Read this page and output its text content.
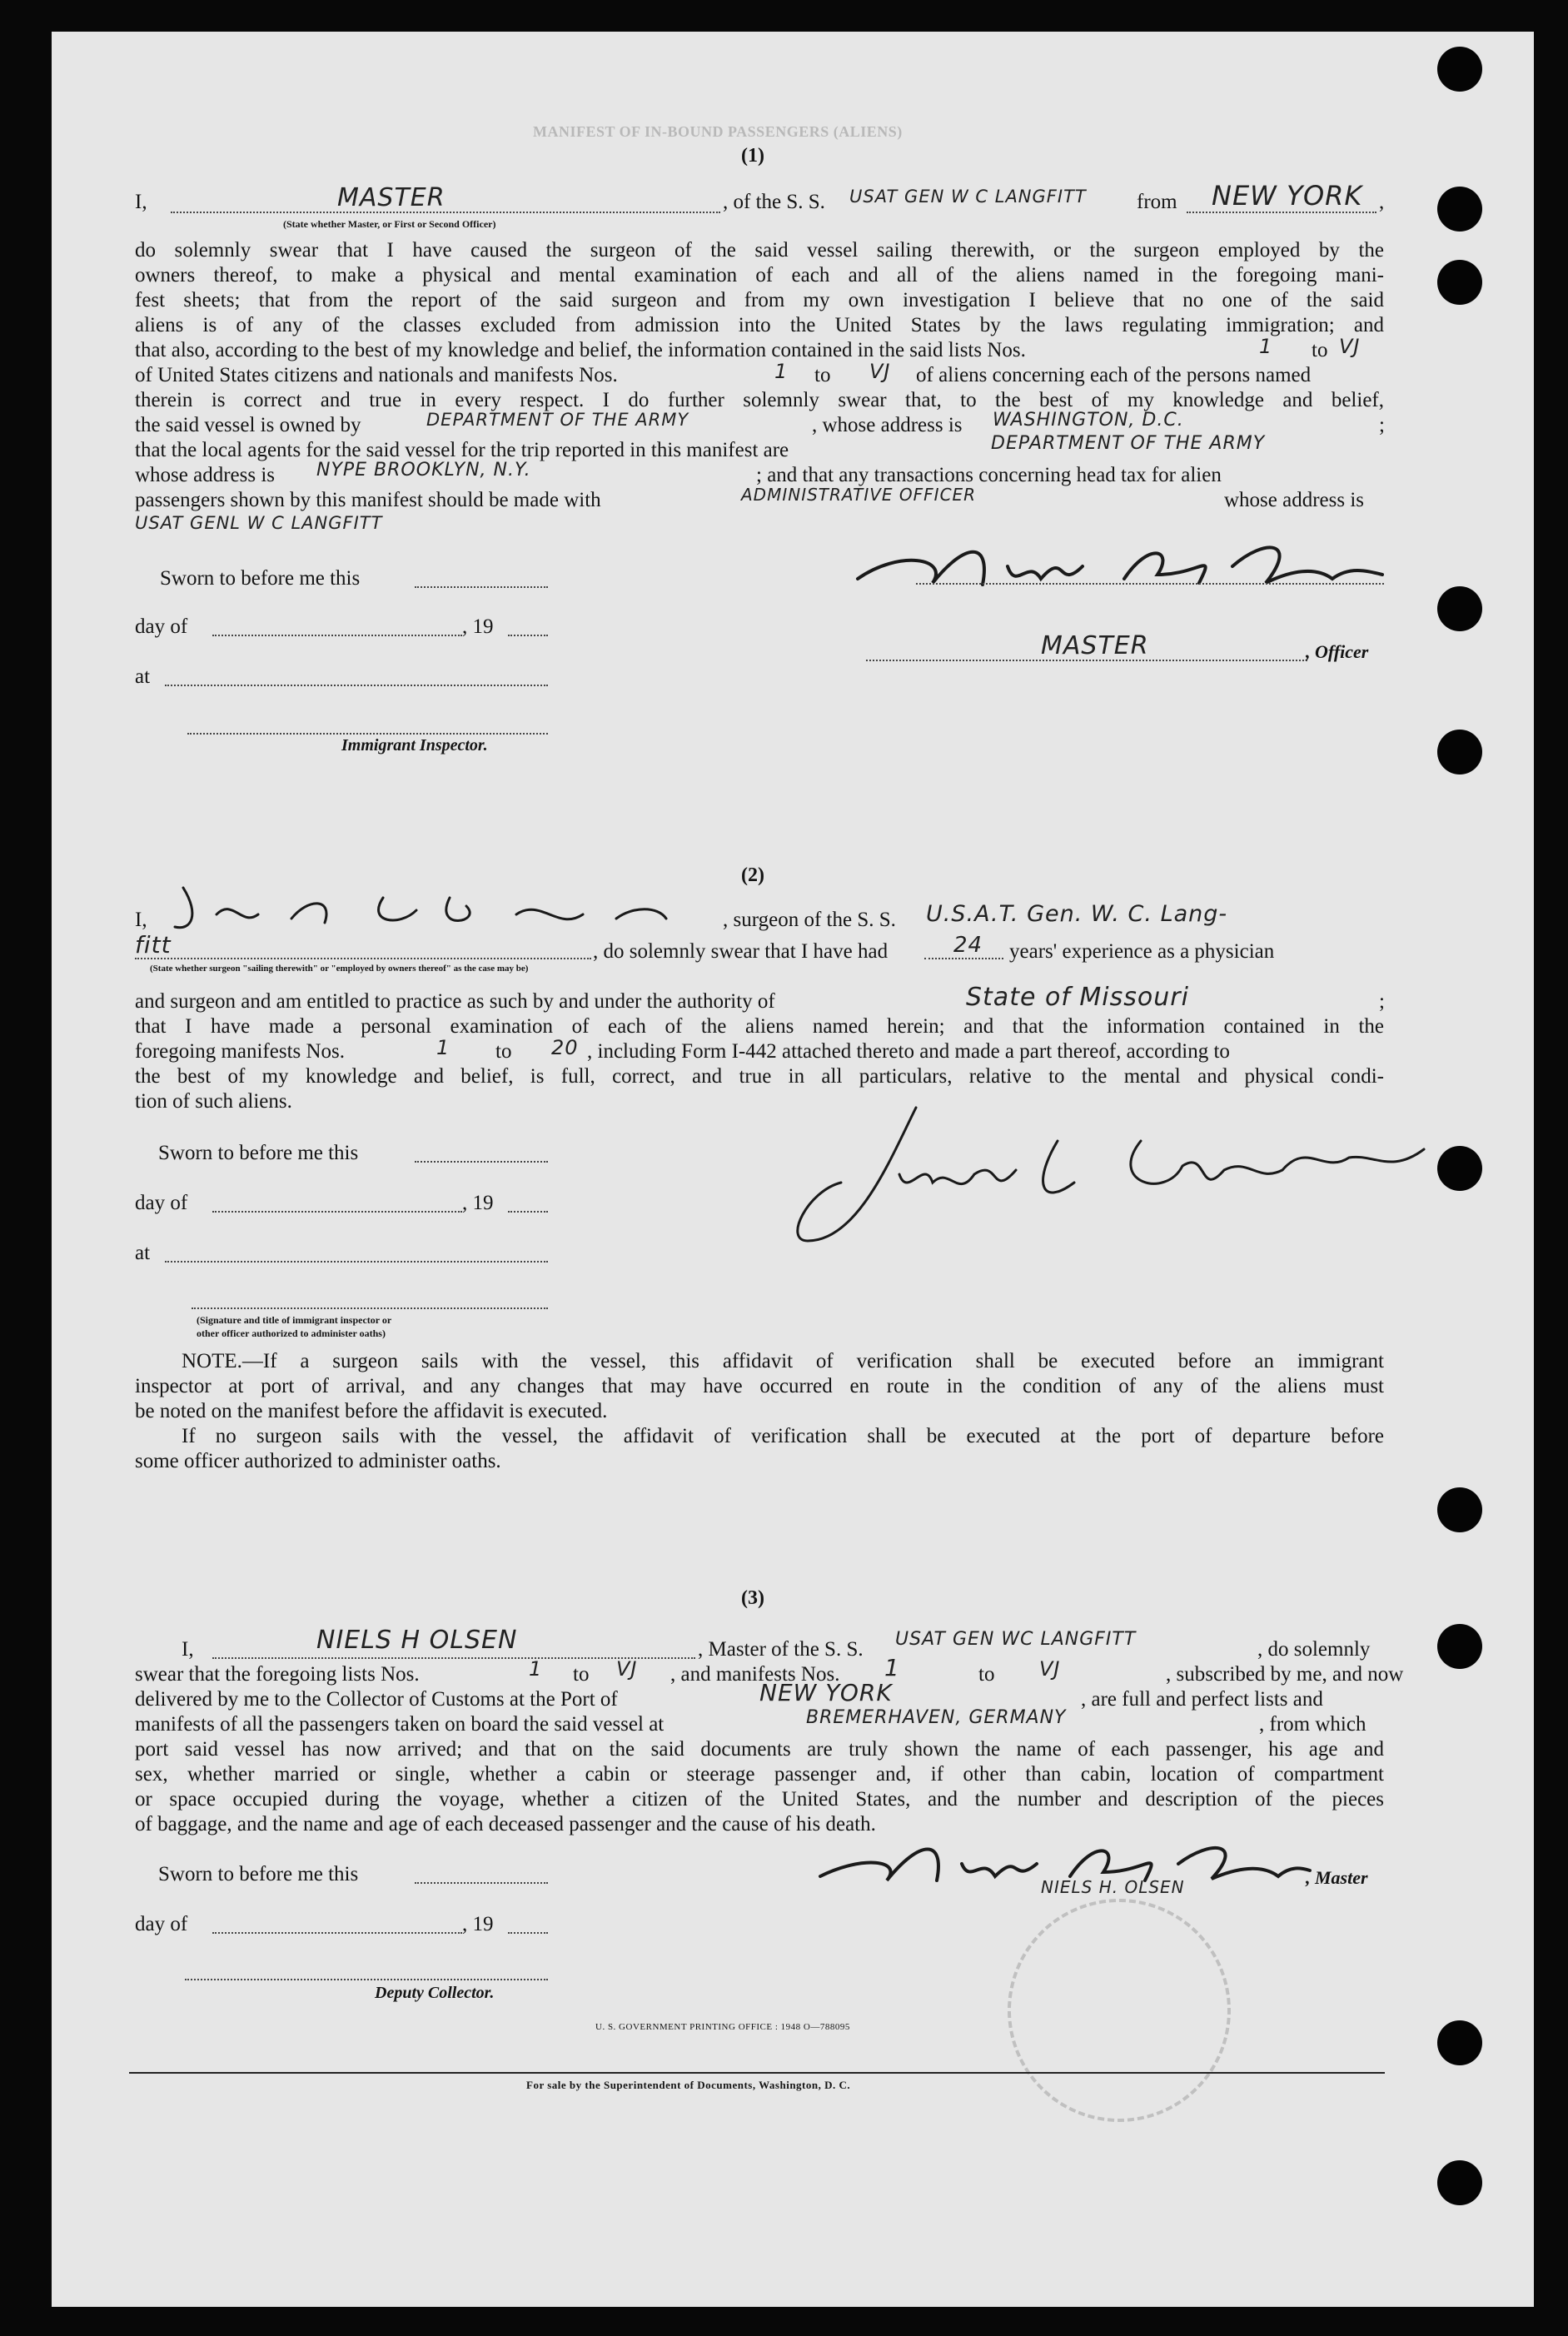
MANIFEST OF IN-BOUND PASSENGERS (ALIENS)
(1)
I,	MASTER	, of the S. S. USAT GEN W C LANGFITT from NEW YORK ,
(State whether Master, or First or Second Officer)
do solemnly swear that I have caused the surgeon of the said vessel sailing therewith, or the surgeon employed by the
owners thereof, to make a physical and mental examination of each and all of the aliens named in the foregoing mani-
fest sheets; that from the report of the said surgeon and from my own investigation I believe that no one of the said
aliens is of any of the classes excluded from admission into the United States by the laws regulating immigration; and
that also, according to the best of my knowledge and belief, the information contained in the said lists Nos.	1 to VJ
of United States citizens and nationals and manifests Nos.	1 to VJ of aliens concerning each of the persons named
therein is correct and true in every respect. I do further solemnly swear that, to the best of my knowledge and belief,
the said vessel is owned by	DEPARTMENT OF THE ARMY	, whose address is WASHINGTON, D.C.	;
that the local agents for the said vessel for the trip reported in this manifest are	DEPARTMENT OF THE ARMY
whose address is NYPE BROOKLYN, N.Y.	; and that any transactions concerning head tax for alien
passengers shown by this manifest should be made with	ADMINISTRATIVE OFFICER	whose address is
USAT GENL W C LANGFITT
Sworn to before me this
day of	, 19
at
Immigrant Inspector.
MASTER	, Officer
(2)
I,	, surgeon of the S. S. U.S.A.T. Gen. W. C. Lang-
fitt	, do solemnly swear that I have had	24 years' experience as a physician
(State whether surgeon "sailing therewith" or "employed by owners thereof" as the case may be)
and surgeon and am entitled to practice as such by and under the authority of	State of Missouri	;
that I have made a personal examination of each of the aliens named herein; and that the information contained in the
foregoing manifests Nos.	1 to 20 , including Form I-442 attached thereto and made a part thereof, according to
the best of my knowledge and belief, is full, correct, and true in all particulars, relative to the mental and physical condi-
tion of such aliens.
Sworn to before me this
day of	, 19
at
(Signature and title of immigrant inspector or
other officer authorized to administer oaths)
NOTE.—If a surgeon sails with the vessel, this affidavit of verification shall be executed before an immigrant
inspector at port of arrival, and any changes that may have occurred en route in the condition of any of the aliens must
be noted on the manifest before the affidavit is executed.
If no surgeon sails with the vessel, the affidavit of verification shall be executed at the port of departure before
some officer authorized to administer oaths.
(3)
I,	NIELS H OLSEN	, Master of the S. S. USAT GEN WC LANGFITT	, do solemnly
swear that the foregoing lists Nos.	1 to VJ , and manifests Nos. 1	to VJ	, subscribed by me, and now
delivered by me to the Collector of Customs at the Port of	NEW YORK	, are full and perfect lists and
manifests of all the passengers taken on board the said vessel at	BREMERHAVEN, GERMANY	, from which
port said vessel has now arrived; and that on the said documents are truly shown the name of each passenger, his age and
sex, whether married or single, whether a cabin or steerage passenger and, if other than cabin, location of compartment
or space occupied during the voyage, whether a citizen of the United States, and the number and description of the pieces
of baggage, and the name and age of each deceased passenger and the cause of his death.
Sworn to before me this
day of	, 19
Deputy Collector.
NIELS H. OLSEN	, Master
U. S. GOVERNMENT PRINTING OFFICE : 1948 O—788095
For sale by the Superintendent of Documents, Washington, D. C.
